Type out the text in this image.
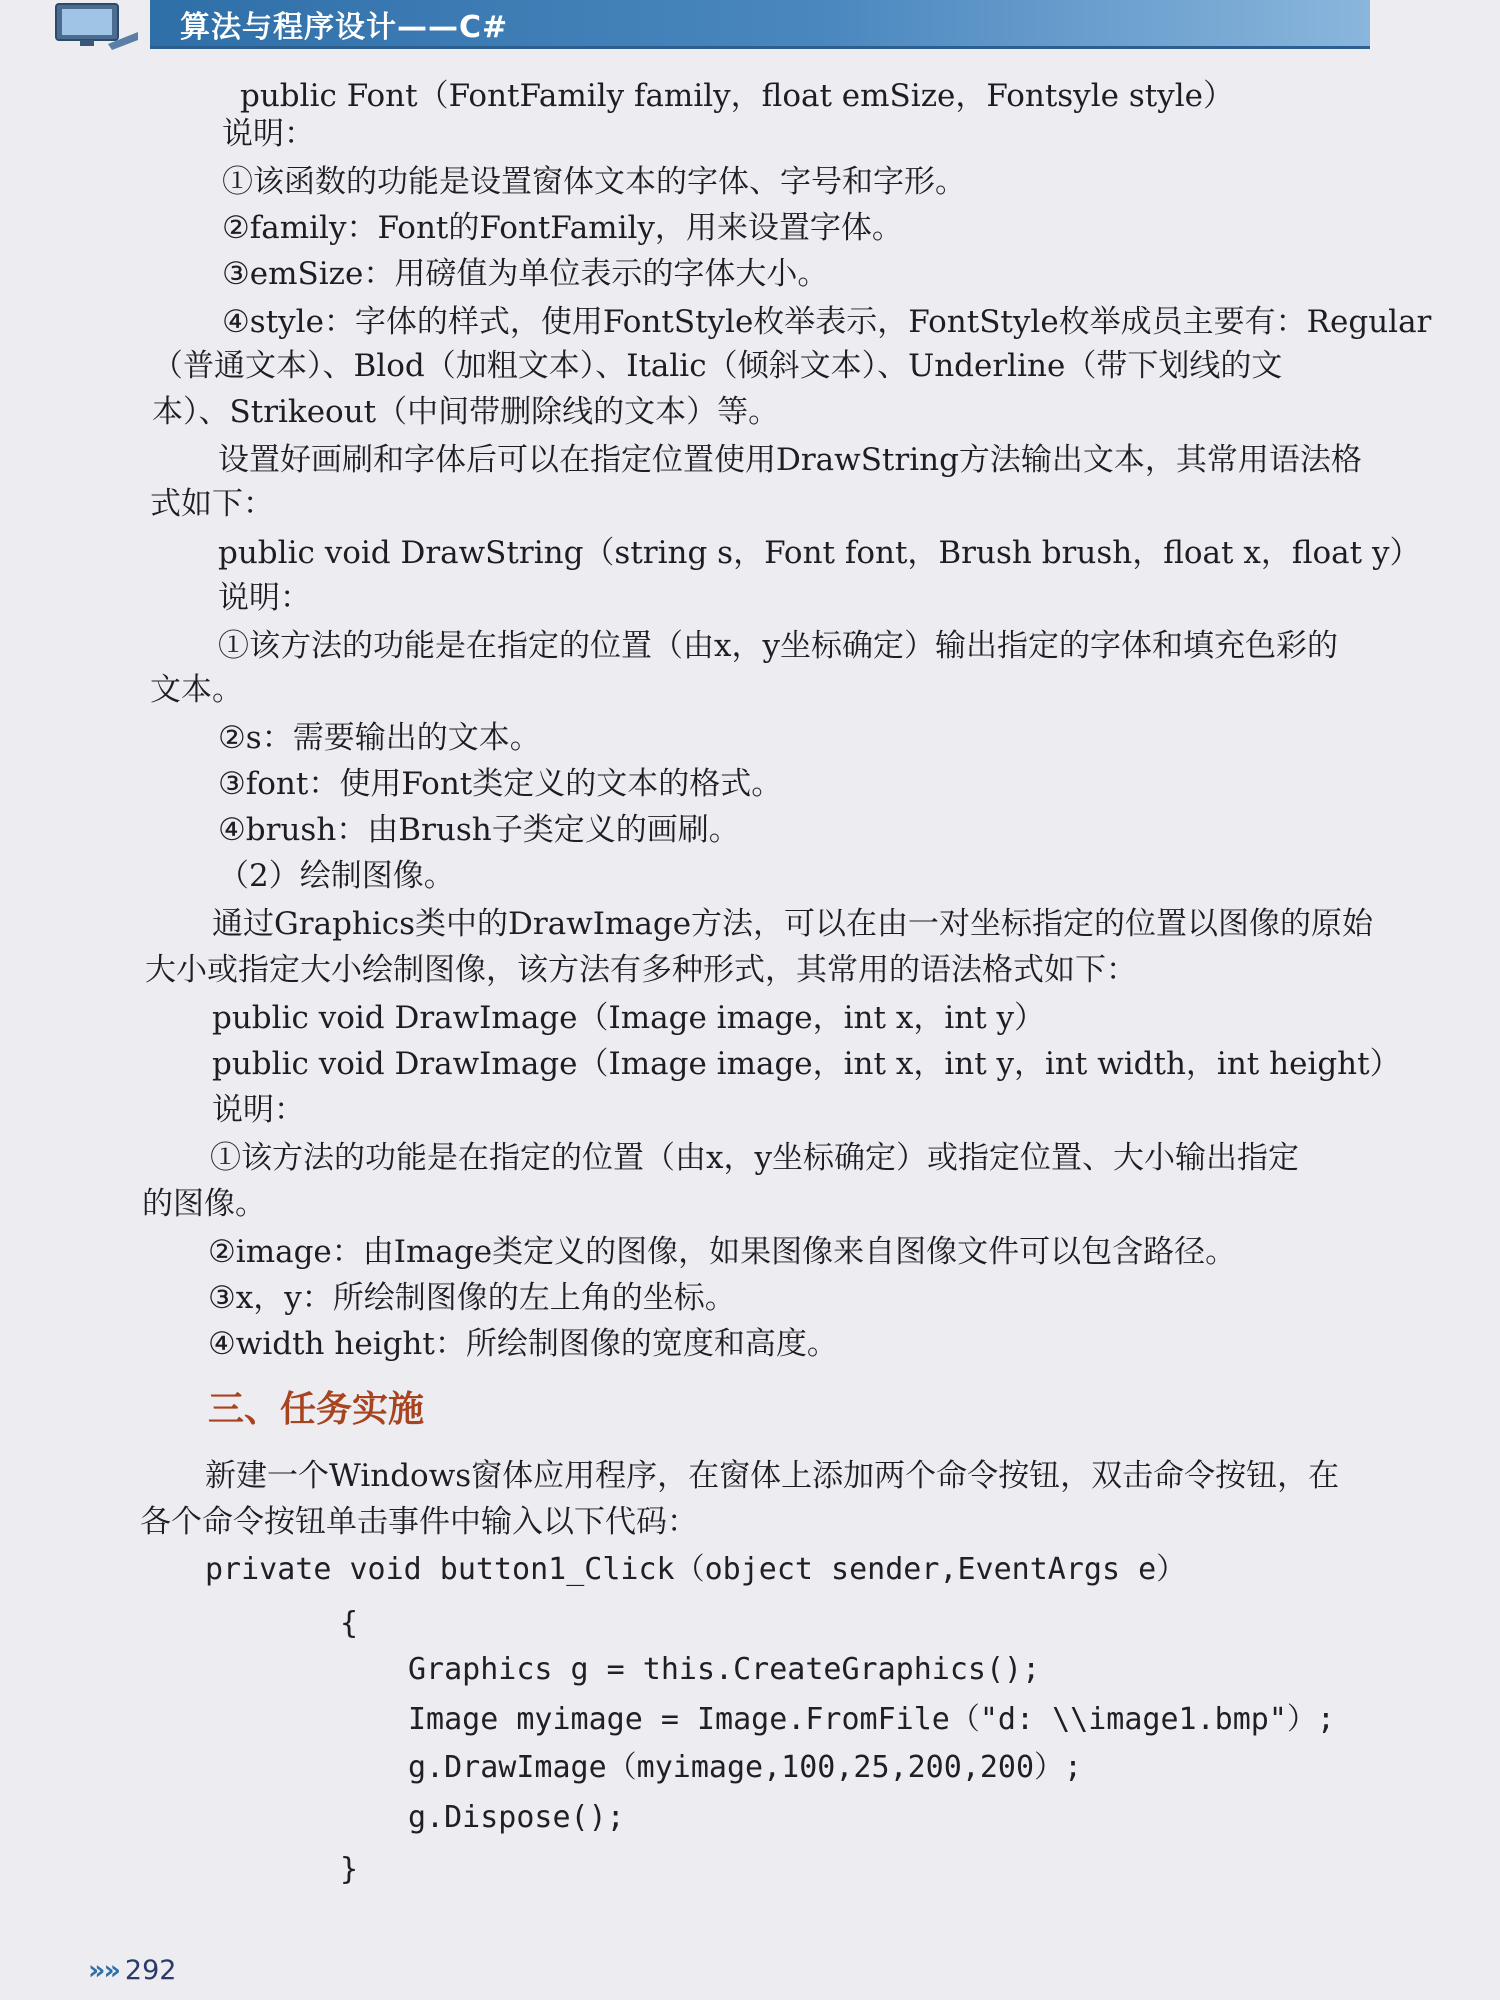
算法与程序设计——C#
public Font（FontFamily family，float emSize，Fontsyle style）
说明：
①该函数的功能是设置窗体文本的字体、字号和字形。
②family：Font的FontFamily，用来设置字体。
③emSize：用磅值为单位表示的字体大小。
④style：字体的样式，使用FontStyle枚举表示，FontStyle枚举成员主要有：Regular
（普通文本）、Blod（加粗文本）、Italic（倾斜文本）、Underline（带下划线的文
本）、Strikeout（中间带删除线的文本）等。
设置好画刷和字体后可以在指定位置使用DrawString方法输出文本，其常用语法格
式如下：
public void DrawString（string s，Font font，Brush brush，float x，float y）
说明：
①该方法的功能是在指定的位置（由x，y坐标确定）输出指定的字体和填充色彩的
文本。
②s：需要输出的文本。
③font：使用Font类定义的文本的格式。
④brush：由Brush子类定义的画刷。
（2）绘制图像。
通过Graphics类中的DrawImage方法，可以在由一对坐标指定的位置以图像的原始
大小或指定大小绘制图像，该方法有多种形式，其常用的语法格式如下：
public void DrawImage（Image image，int x，int y）
public void DrawImage（Image image，int x，int y，int width，int height）
说明：
①该方法的功能是在指定的位置（由x，y坐标确定）或指定位置、大小输出指定
的图像。
②image：由Image类定义的图像，如果图像来自图像文件可以包含路径。
③x，y：所绘制图像的左上角的坐标。
④width height：所绘制图像的宽度和高度。
三、任务实施
新建一个Windows窗体应用程序，在窗体上添加两个命令按钮，双击命令按钮，在
各个命令按钮单击事件中输入以下代码：
private void button1_Click（object sender,EventArgs e）
{
Graphics g = this.CreateGraphics();
Image myimage = Image.FromFile（"d: \\image1.bmp"）;
g.DrawImage（myimage,100,25,200,200）;
g.Dispose();
}
»» 292
